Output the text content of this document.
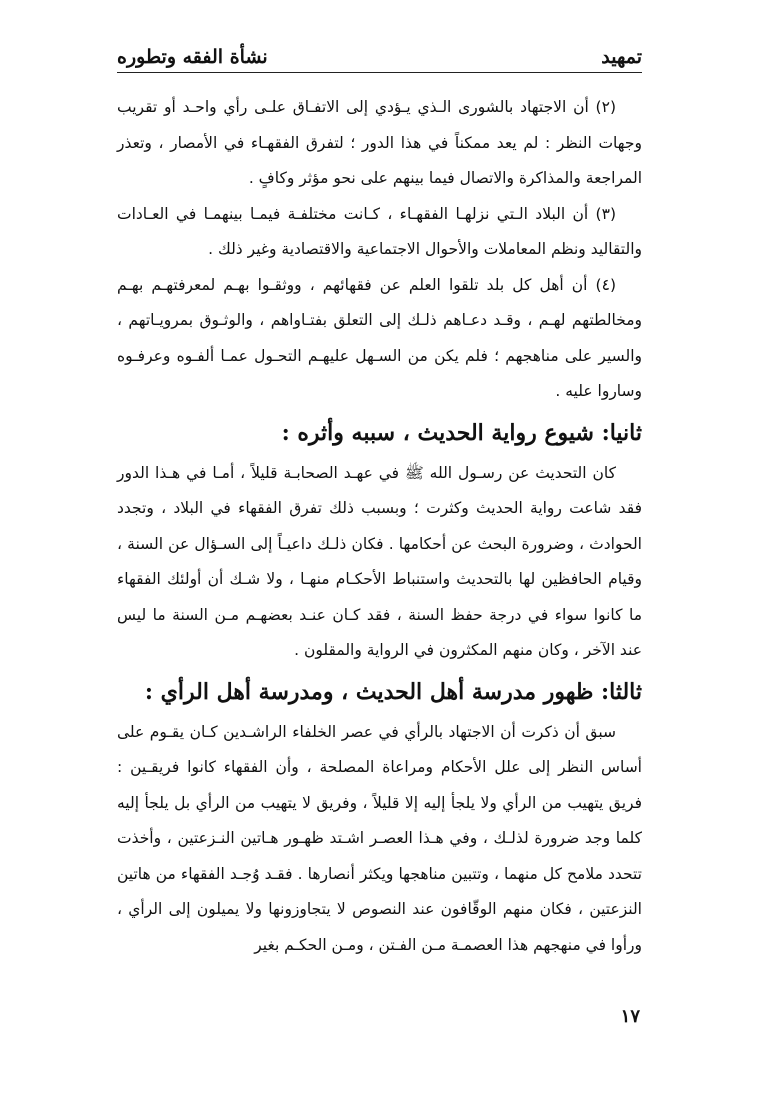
تمهيد
نشأة الفقه وتطوره

(٢) أن الاجتهاد بالشورى الـذي يـؤدي إلى الاتفـاق علـى رأي واحـد أو تقريب وجهات النظر : لم يعد ممكناً في هذا الدور ؛ لتفرق الفقهـاء في الأمصار ، وتعذر المراجعة والمذاكرة والاتصال فيما بينهم على نحو مؤثر وكافٍ .

(٣) أن البلاد الـتي نزلهـا الفقهـاء ، كـانت مختلفـة فيمـا بينهمـا في العـادات والتقاليد ونظم المعاملات والأحوال الاجتماعية والاقتصادية وغير ذلك .

(٤) أن أهل كل بلد تلقوا العلم عن فقهائهم ، ووثقـوا بهـم لمعرفتهـم بهـم ومخالطتهم لهـم ، وقـد دعـاهم ذلـك إلى التعلق بفتـاواهم ، والوثـوق بمرويـاتهم ، والسير على مناهجهم ؛ فلم يكن من السـهل عليهـم التحـول عمـا ألفـوه وعرفـوه وساروا عليه .

ثانيا: شيوع رواية الحديث ، سببه وأثره :

كان التحديث عن رسـول الله ﷺ في عهـد الصحابـة قليلاً ، أمـا في هـذا الدور فقد شاعت رواية الحديث وكثرت ؛ وبسبب ذلك تفرق الفقهاء في البلاد ، وتجدد الحوادث ، وضرورة البحث عن أحكامها . فكان ذلـك داعيـاً إلى السـؤال عن السنة ، وقيام الحافظين لها بالتحديث واستنباط الأحكـام منهـا ، ولا شـك أن أولئك الفقهاء ما كانوا سواء في درجة حفظ السنة ، فقد كـان عنـد بعضهـم مـن السنة ما ليس عند الآخر ، وكان منهم المكثرون في الرواية والمقلون .

ثالثا: ظهور مدرسة أهل الحديث ، ومدرسة أهل الرأي :

سبق أن ذكرت أن الاجتهاد بالرأي في عصر الخلفاء الراشـدين كـان يقـوم على أساس النظر إلى علل الأحكام ومراعاة المصلحة ، وأن الفقهاء كانوا فريقـين : فريق يتهيب من الرأي ولا يلجأ إليه إلا قليلاً ، وفريق لا يتهيب من الرأي بل يلجأ إليه كلما وجد ضرورة لذلـك ، وفي هـذا العصـر اشـتد ظهـور هـاتين النـزعتين ، وأخذت تتحدد ملامح كل منهما ، وتتبين مناهجها ويكثر أنصارها . فقـد وُجـد الفقهاء من هاتين النزعتين ، فكان منهم الوقّافون عند النصوص لا يتجاوزونها ولا يميلون إلى الرأي ، ورأوا في منهجهم هذا العصمـة مـن الفـتن ، ومـن الحكـم بغير

١٧
